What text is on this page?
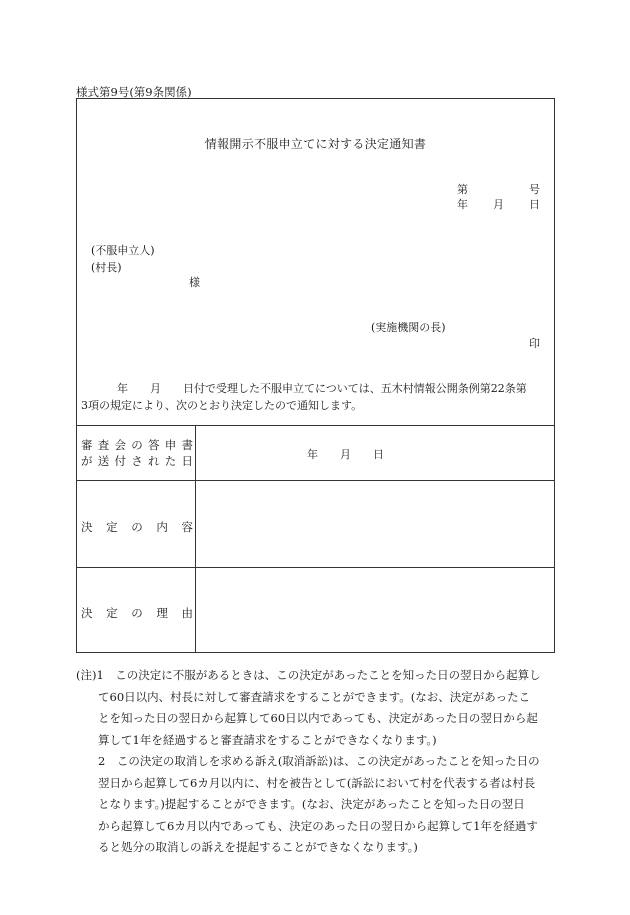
様式第9号(第9条関係)
情報開示不服申立てに対する決定通知書
第	号
年 月 日
(不服申立人)
(村長)
様
(実施機関の長)
印
年　　月　　日付で受理した不服申立てについては、五木村情報公開条例第22条第
3項の規定により、次のとおり決定したので通知します。
審 査 会 の 答 申 書
が 送 付 さ れ た 日	年　　月　　日
決 定 の 内 容
決 定 の 理 由
(注)1　この決定に不服があるときは、この決定があったことを知った日の翌日から起算し
て60日以内、村長に対して審査請求をすることができます。(なお、決定があったこ
とを知った日の翌日から起算して60日以内であっても、決定があった日の翌日から起
算して1年を経過すると審査請求をすることができなくなります。)
2　この決定の取消しを求める訴え(取消訴訟)は、この決定があったことを知った日の
翌日から起算して6カ月以内に、村を被告として(訴訟において村を代表する者は村長
となります。)提起することができます。(なお、決定があったことを知った日の翌日
から起算して6カ月以内であっても、決定のあった日の翌日から起算して1年を経過す
ると処分の取消しの訴えを提起することができなくなります。)
